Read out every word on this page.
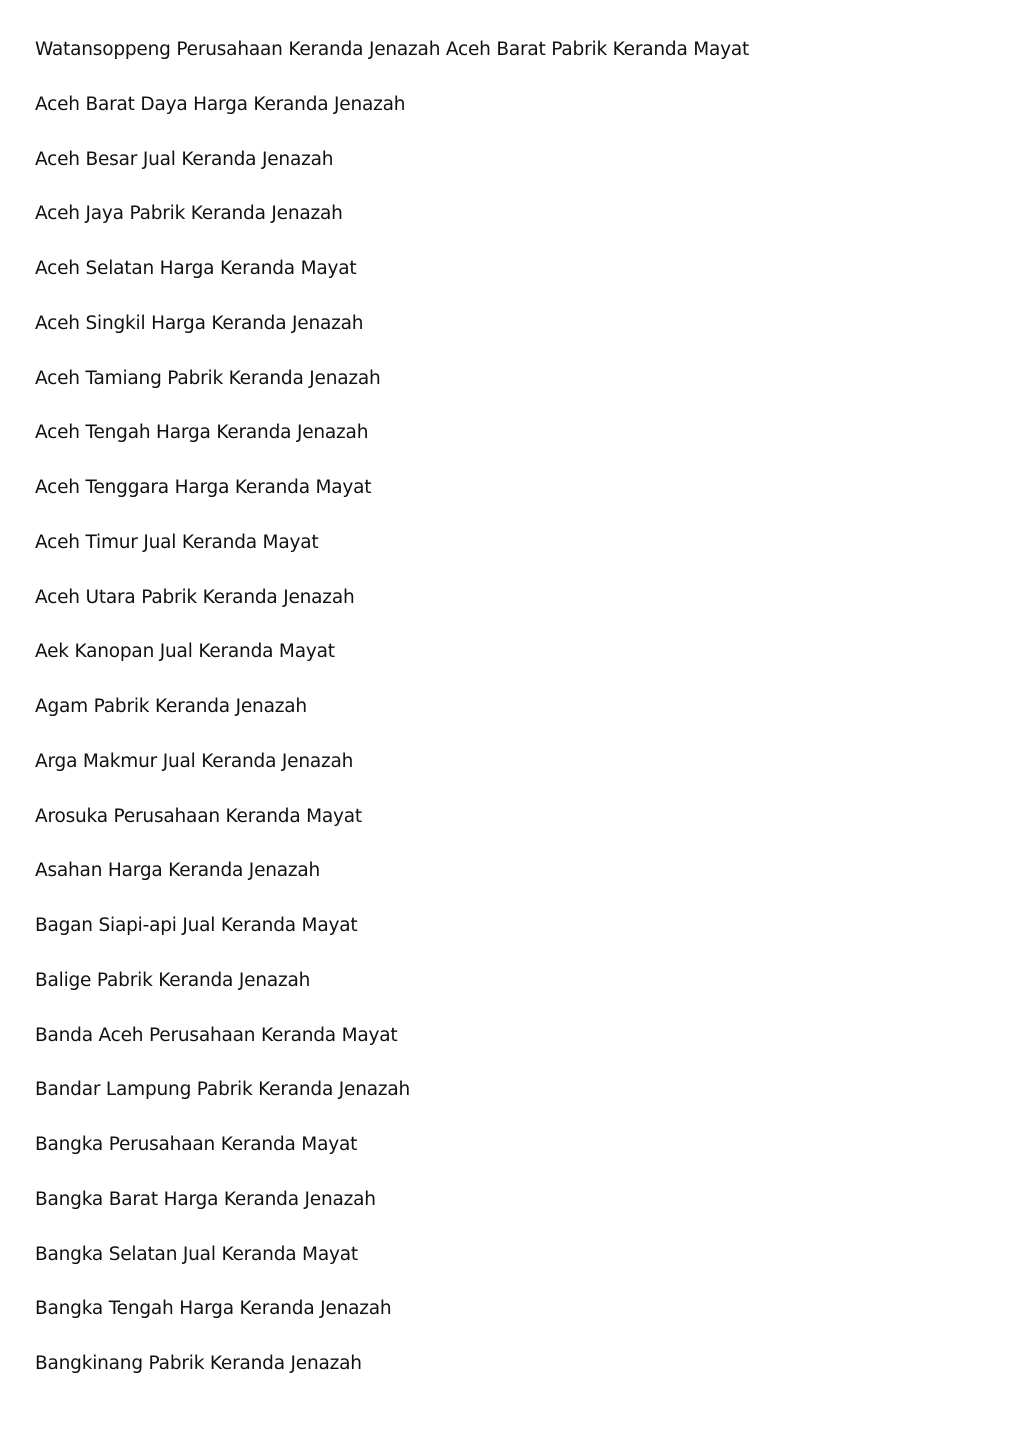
Watansoppeng Perusahaan Keranda Jenazah Aceh Barat Pabrik Keranda Mayat
Aceh Barat Daya Harga Keranda Jenazah
Aceh Besar Jual Keranda Jenazah
Aceh Jaya Pabrik Keranda Jenazah
Aceh Selatan Harga Keranda Mayat
Aceh Singkil Harga Keranda Jenazah
Aceh Tamiang Pabrik Keranda Jenazah
Aceh Tengah Harga Keranda Jenazah
Aceh Tenggara Harga Keranda Mayat
Aceh Timur Jual Keranda Mayat
Aceh Utara Pabrik Keranda Jenazah
Aek Kanopan Jual Keranda Mayat
Agam Pabrik Keranda Jenazah
Arga Makmur Jual Keranda Jenazah
Arosuka Perusahaan Keranda Mayat
Asahan Harga Keranda Jenazah
Bagan Siapi-api Jual Keranda Mayat
Balige Pabrik Keranda Jenazah
Banda Aceh Perusahaan Keranda Mayat
Bandar Lampung Pabrik Keranda Jenazah
Bangka Perusahaan Keranda Mayat
Bangka Barat Harga Keranda Jenazah
Bangka Selatan Jual Keranda Mayat
Bangka Tengah Harga Keranda Jenazah
Bangkinang Pabrik Keranda Jenazah
